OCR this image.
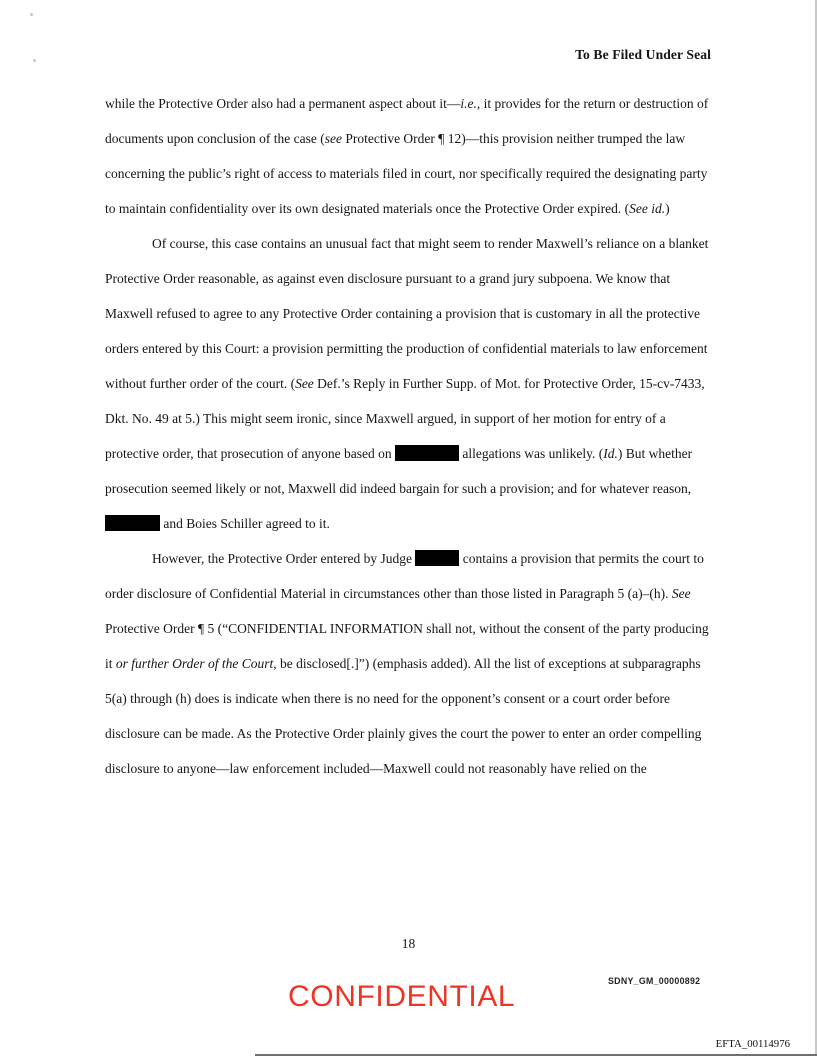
To Be Filed Under Seal

while the Protective Order also had a permanent aspect about it—i.e., it provides for the return or destruction of documents upon conclusion of the case (see Protective Order ¶ 12)—this provision neither trumped the law concerning the public’s right of access to materials filed in court, nor specifically required the designating party to maintain confidentiality over its own designated materials once the Protective Order expired. (See id.)

Of course, this case contains an unusual fact that might seem to render Maxwell’s reliance on a blanket Protective Order reasonable, as against even disclosure pursuant to a grand jury subpoena. We know that Maxwell refused to agree to any Protective Order containing a provision that is customary in all the protective orders entered by this Court: a provision permitting the production of confidential materials to law enforcement without further order of the court. (See Def.’s Reply in Further Supp. of Mot. for Protective Order, 15-cv-7433, Dkt. No. 49 at 5.) This might seem ironic, since Maxwell argued, in support of her motion for entry of a protective order, that prosecution of anyone based on	allegations was unlikely. (Id.) But whether prosecution seemed likely or not, Maxwell did indeed bargain for such a provision; and for whatever reason,  and Boies Schiller agreed to it.

However, the Protective Order entered by Judge	contains a provision that permits the court to order disclosure of Confidential Material in circumstances other than those listed in Paragraph 5 (a)–(h). See Protective Order ¶ 5 (“CONFIDENTIAL INFORMATION shall not, without the consent of the party producing it or further Order of the Court, be disclosed[.]”) (emphasis added). All the list of exceptions at subparagraphs 5(a) through (h) does is indicate when there is no need for the opponent’s consent or a court order before disclosure can be made. As the Protective Order plainly gives the court the power to enter an order compelling disclosure to anyone—law enforcement included—Maxwell could not reasonably have relied on the

18
SDNY_GM_00000892
CONFIDENTIAL
EFTA_00114976
